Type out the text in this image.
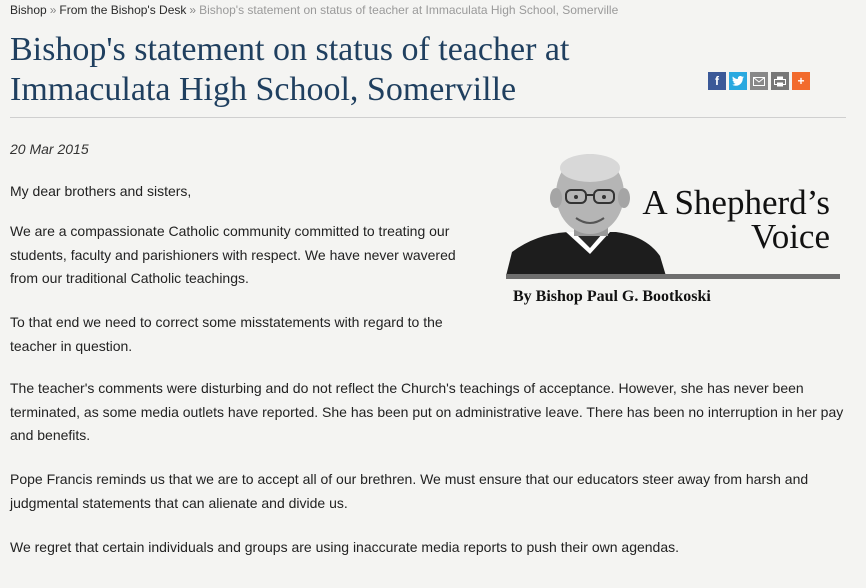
Bishop » From the Bishop's Desk » Bishop's statement on status of teacher at Immaculata High School, Somerville
Bishop's statement on status of teacher at
Immaculata High School, Somerville	f	+
20 Mar 2015
A Shepherd’s
Voice
By Bishop Paul G. Bootkoski

My dear brothers and sisters,

We are a compassionate Catholic community committed to treating our students, faculty and parishioners with respect. We have never wavered from our traditional Catholic teachings.

To that end we need to correct some misstatements with regard to the teacher in question.

The teacher's comments were disturbing and do not reflect the Church's teachings of acceptance. However, she has never been terminated, as some media outlets have reported. She has been put on administrative leave. There has been no interruption in her pay and benefits.

Pope Francis reminds us that we are to accept all of our brethren. We must ensure that our educators steer away from harsh and judgmental statements that can alienate and divide us.

We regret that certain individuals and groups are using inaccurate media reports to push their own agendas.
